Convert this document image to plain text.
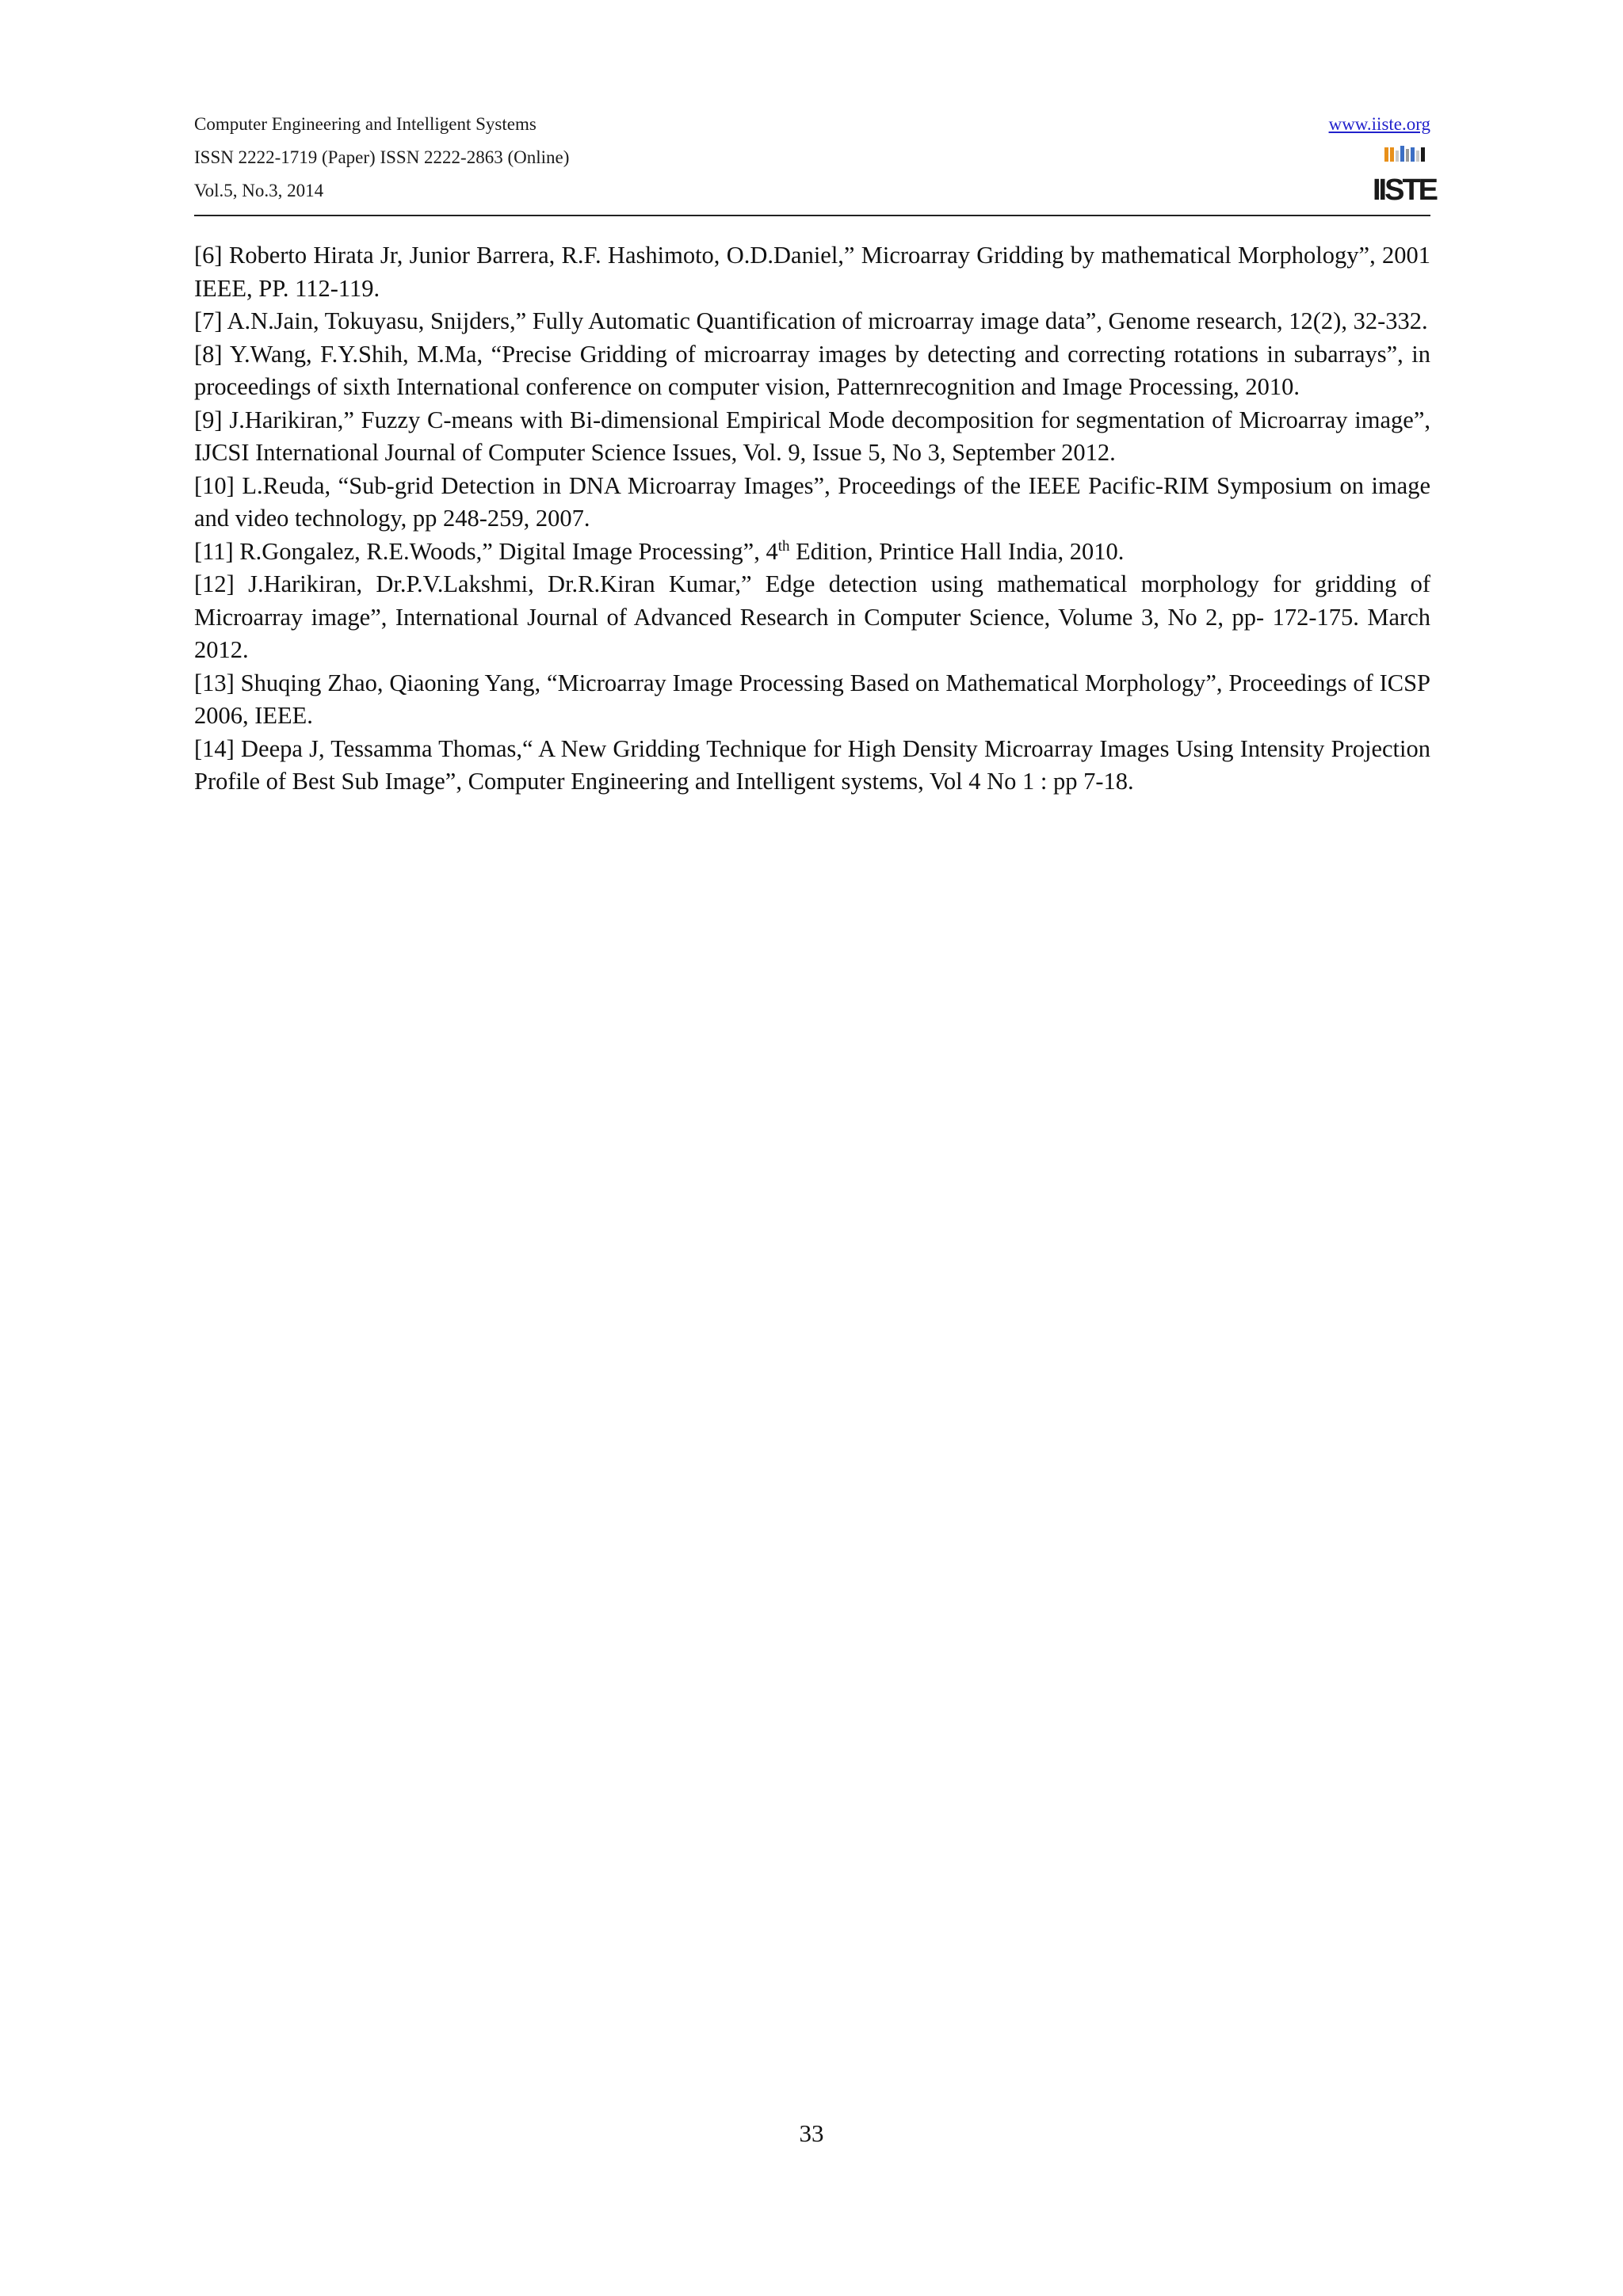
Computer Engineering and Intelligent Systems
ISSN 2222-1719 (Paper) ISSN 2222-2863 (Online)
Vol.5, No.3, 2014
www.iiste.org
IISTE

[6] Roberto Hirata Jr, Junior Barrera, R.F. Hashimoto, O.D.Daniel,” Microarray Gridding by mathematical Morphology”, 2001 IEEE, PP. 112-119.

[7] A.N.Jain, Tokuyasu, Snijders,” Fully Automatic Quantification of microarray image data”, Genome research, 12(2), 32-332.

[8] Y.Wang, F.Y.Shih, M.Ma, “Precise Gridding of microarray images by detecting and correcting rotations in subarrays”, in proceedings of sixth International conference on computer vision, Patternrecognition and Image Processing, 2010.

[9] J.Harikiran,” Fuzzy C-means with Bi-dimensional Empirical Mode decomposition for segmentation of Microarray image”, IJCSI International Journal of Computer Science Issues, Vol. 9, Issue 5, No 3, September 2012.

[10] L.Reuda, “Sub-grid Detection in DNA Microarray Images”, Proceedings of the IEEE Pacific-RIM Symposium on image and video technology, pp 248-259, 2007.

[11] R.Gongalez, R.E.Woods,” Digital Image Processing”, 4th Edition, Printice Hall India, 2010.

[12] J.Harikiran, Dr.P.V.Lakshmi, Dr.R.Kiran Kumar,” Edge detection using mathematical morphology for gridding of Microarray image”, International Journal of Advanced Research in Computer Science, Volume 3, No 2, pp- 172-175. March 2012.

[13] Shuqing Zhao, Qiaoning Yang, “Microarray Image Processing Based on Mathematical Morphology”, Proceedings of ICSP 2006, IEEE.

[14] Deepa J, Tessamma Thomas,“ A New Gridding Technique for High Density Microarray Images Using Intensity Projection Profile of Best Sub Image”, Computer Engineering and Intelligent systems, Vol 4 No 1 : pp 7-18.

33
